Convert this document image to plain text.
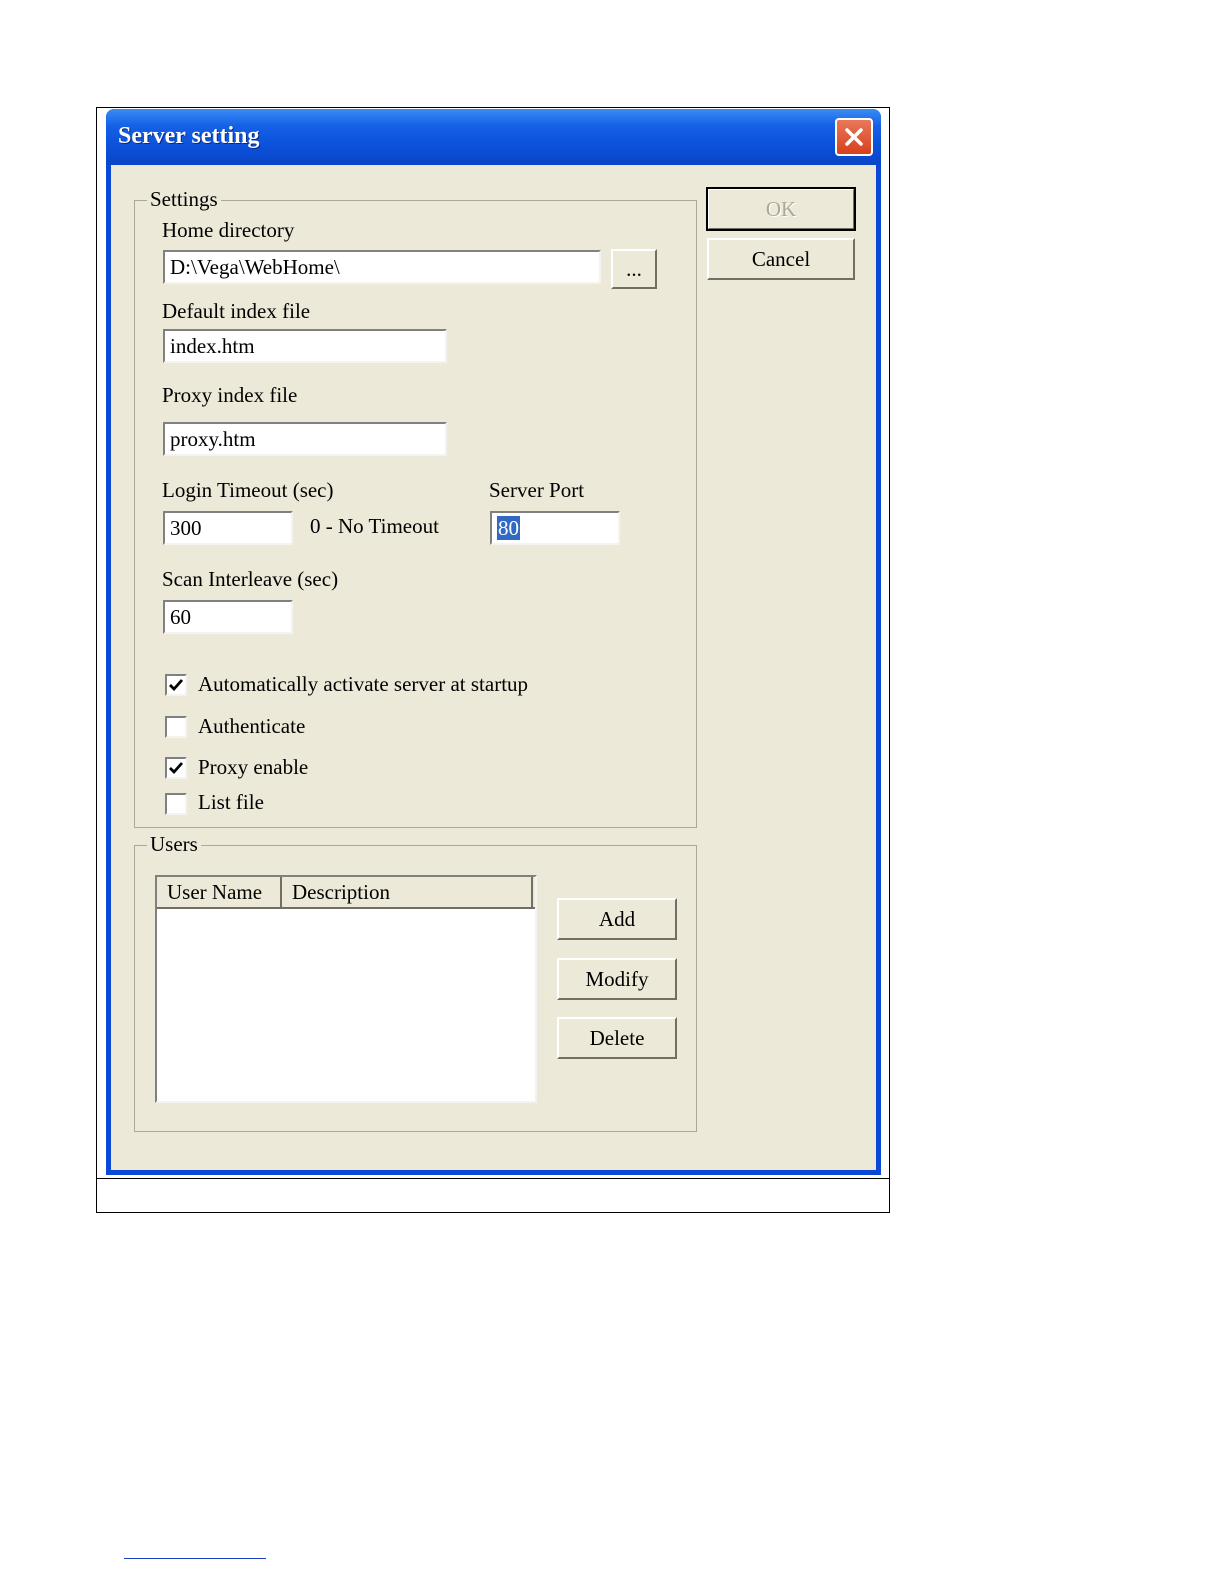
Server setting
OK
Cancel
Settings
Home directory
D:\Vega\WebHome\	...
Default index file
index.htm
Proxy index file
proxy.htm
Login Timeout (sec)
300	0 - No Timeout
Server Port
80
Scan Interleave (sec)
60
Automatically activate server at startup
Authenticate
Proxy enable
List file
Users
User Name	Description
Add
Modify
Delete
